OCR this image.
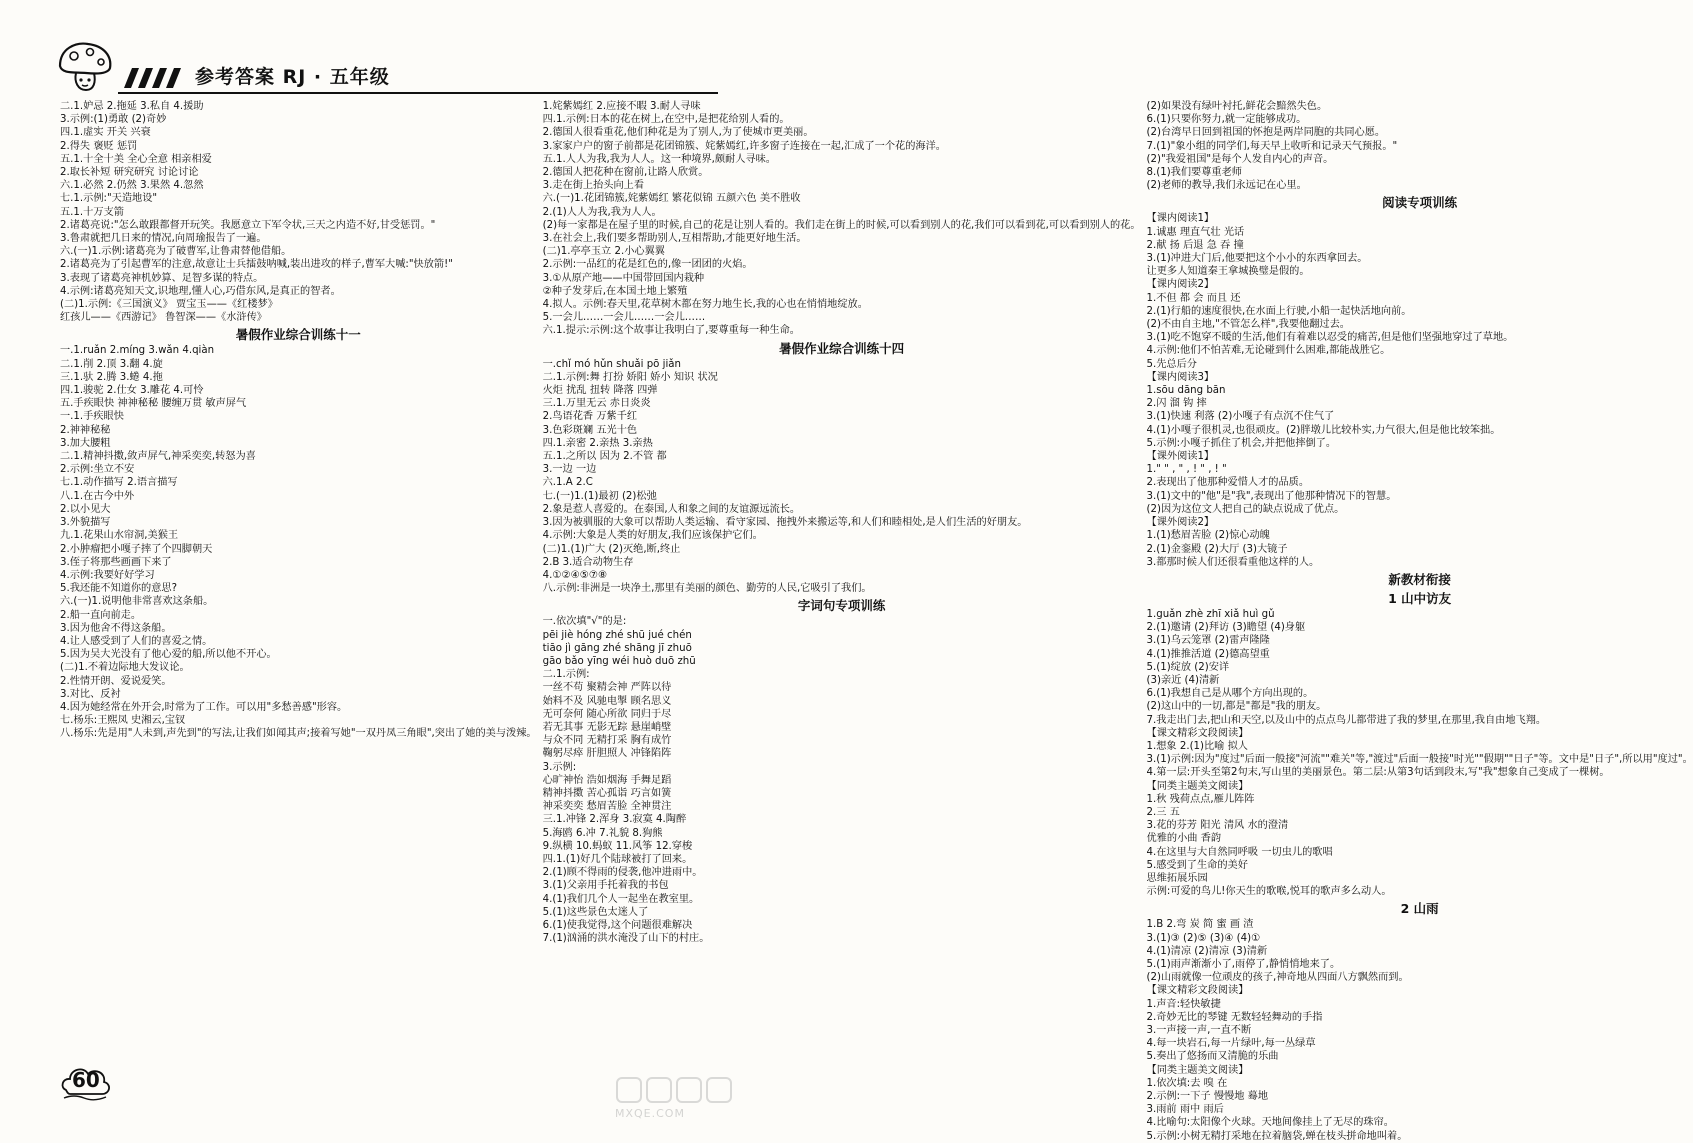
参考答案 RJ · 五年级
二.1.妒忌 2.拖延 3.私自 4.援助
3.示例:(1)勇敢 (2)奇妙
四.1.虚实 开关 兴衰
2.得失 褒贬 惩罚
五.1.十全十美 全心全意 相亲相爱
2.取长补短 研究研究 讨论讨论
六.1.必然 2.仍然 3.果然 4.忽然
七.1.示例:"天造地设"
五.1.十万支箭
2.诸葛亮说:"怎么敢跟都督开玩笑。我愿意立下军令状,三天之内造不好,甘受惩罚。"
3.鲁肃就把几日来的情况,向周瑜报告了一遍。
六.(一)1.示例:诸葛亮为了破曹军,让鲁肃替他借船。
2.诸葛亮为了引起曹军的注意,故意让士兵擂鼓呐喊,装出进攻的样子,曹军大喊:"快放箭!"
3.表现了诸葛亮神机妙算、足智多谋的特点。
4.示例:诸葛亮知天文,识地理,懂人心,巧借东风,是真正的智者。
(二)1.示例:《三国演义》 贾宝玉——《红楼梦》
红孩儿——《西游记》 鲁智深——《水浒传》
暑假作业综合训练十一
一.1.ruǎn 2.míng 3.wǎn 4.qiàn
二.1.削 2.顶 3.翻 4.旋
三.1.驮 2.腾 3.蜷 4.拖
四.1.骏驼 2.仕女 3.雕花 4.可怜
五.手疾眼快 神神秘秘 腰缠万贯 敏声屏气
一.1.手疾眼快
2.神神秘秘
3.加大腰粗
二.1.精神抖擞,敛声屏气,神采奕奕,转怒为喜
2.示例:坐立不安
七.1.动作描写 2.语言描写
八.1.在古今中外
2.以小见大
3.外貌描写
九.1.花果山水帘洞,美猴王
2.小肿瘤把小嘎子摔了个四脚朝天
3.侄子将那些画画下来了
4.示例:我要好好学习
5.我还能不知道你的意思?
六.(一)1.说明他非常喜欢这条船。
2.船一直向前走。
3.因为他舍不得这条船。
4.让人感受到了人们的喜爱之情。
5.因为吴大光没有了他心爱的船,所以他不开心。
(二)1.不着边际地大发议论。
2.性情开朗、爱说爱笑。
3.对比、反衬
4.因为她经常在外开会,时常为了工作。可以用"多愁善感"形容。
七.杨乐:王熙凤 史湘云,宝钗
八.杨乐:先是用"人未到,声先到"的写法,让我们如闻其声;接着写她"一双丹凤三角眼",突出了她的美与泼辣。
1.姹紫嫣红 2.应接不暇 3.耐人寻味
四.1.示例:日本的花在树上,在空中,是把花给别人看的。
2.德国人很看重花,他们种花是为了别人,为了使城市更美丽。
3.家家户户的窗子前都是花团锦簇、姹紫嫣红,许多窗子连接在一起,汇成了一个花的海洋。
五.1.人人为我,我为人人。这一种境界,颇耐人寻味。
2.德国人把花种在窗前,让路人欣赏。
3.走在街上抬头向上看
六.(一)1.花团锦簇,姹紫嫣红 繁花似锦 五颜六色 美不胜收
2.(1)人人为我,我为人人。
(2)每一家都是在屋子里的时候,自己的花是让别人看的。我们走在街上的时候,可以看到别人的花,我们可以看到花,可以看到别人的花。
3.在社会上,我们要多帮助别人,互相帮助,才能更好地生活。
(二)1.亭亭玉立 2.小心翼翼
2.示例:一品红的花是红色的,像一团团的火焰。
3.①从原产地——中国带回国内栽种
②种子发芽后,在本国土地上繁殖
4.拟人。示例:春天里,花草树木都在努力地生长,我的心也在悄悄地绽放。
5.一会儿……一会儿……一会儿……
六.1.提示:示例:这个故事让我明白了,要尊重每一种生命。
暑假作业综合训练十四
一.chǐ mó hǔn shuǎi pō jiǎn
二.1.示例:舞 打扮 娇阳 娇小 知识 状况
火炬 扰乱 扭转 降落 四弹
三.1.万里无云 赤日炎炎
2.鸟语花香 万紫千红
3.色彩斑斓 五光十色
四.1.亲密 2.亲热 3.亲热
五.1.之所以 因为 2.不管 都
3.一边 一边
六.1.A 2.C
七.(一)1.(1)最初 (2)松弛
2.象是惹人喜爱的。在泰国,人和象之间的友谊源远流长。
3.因为被驯服的大象可以帮助人类运输、看守家园、拖拽外来搬运等,和人们和睦相处,是人们生活的好朋友。
4.示例:大象是人类的好朋友,我们应该保护它们。
(二)1.(1)广大 (2)灭绝,断,终止
2.B 3.适合动物生存
4.①②④⑤⑦⑧
八.示例:非洲是一块净土,那里有美丽的颜色、勤劳的人民,它吸引了我们。
字词句专项训练
一.依次填"√"的是:
pēi jiè hóng zhé shū jué chén
tiāo jì gāng zhé shāng jī zhuō
gāo bǎo yīng wéi huò duō zhū
二.1.示例:
一丝不苟 聚精会神 严阵以待
始料不及 风驰电掣 顾名思义
无可奈何 随心所欲 同归于尽
若无其事 无影无踪 悬崖峭壁
与众不同 无精打采 胸有成竹
鞠躬尽瘁 肝胆照人 冲锋陷阵
3.示例:
心旷神怡 浩如烟海 手舞足蹈
精神抖擞 苦心孤诣 巧言如簧
神采奕奕 愁眉苦脸 全神贯注
三.1.冲锋 2.浑身 3.寂寞 4.陶醉
5.海鸥 6.冲 7.礼貌 8.狗熊
9.纵横 10.蚂蚁 11.风筝 12.穿梭
四.1.(1)好几个陆球被打了回来。
2.(1)顾不得雨的侵袭,他冲进雨中。
3.(1)父亲用手托着我的书包
4.(1)我们几个人一起坐在教室里。
5.(1)这些景色太迷人了
6.(1)使我觉得,这个问题很难解决
7.(1)汹涌的洪水淹没了山下的村庄。
(2)如果没有绿叶衬托,鲜花会黯然失色。
6.(1)只要你努力,就一定能够成功。
(2)台湾早日回到祖国的怀抱是两岸同胞的共同心愿。
7.(1)"象小组的同学们,每天早上收听和记录天气预报。"
(2)"我爱祖国"是每个人发自内心的声音。
8.(1)我们要尊重老师
(2)老师的教导,我们永远记在心里。
阅读专项训练
【课内阅读1】
1.诚惠 理直气壮 光话
2.献 扬 后退 急 吞 撞
3.(1)冲进大门后,他要把这个小小的东西拿回去。
让更多人知道秦王拿城换璧是假的。
【课内阅读2】
1.不但 都 会 而且 还
2.(1)行船的速度很快,在水面上行驶,小船一起快活地向前。
(2)不由自主地,"不管怎么样",我要他翻过去。
3.(1)吃不饱穿不暖的生活,他们有着难以忍受的痛苦,但是他们坚强地穿过了草地。
4.示例:他们不怕苦难,无论碰到什么困难,都能战胜它。
5.先总后分
【课内阅读3】
1.sōu dāng bān
2.闪 溜 钩 摔
3.(1)快速 利落 (2)小嘎子有点沉不住气了
4.(1)小嘎子很机灵,也很顽皮。(2)胖墩儿比较朴实,力气很大,但是他比较笨拙。
5.示例:小嘎子抓住了机会,并把他摔倒了。
【课外阅读1】
1." " , " , ! " , ! "
2.表现出了他那种爱惜人才的品质。
3.(1)文中的"他"是"我",表现出了他那种情况下的智慧。
(2)因为这位文人把自己的缺点说成了优点。
【课外阅读2】
1.(1)愁眉苦脸 (2)惊心动魄
2.(1)金銮殿 (2)大厅 (3)大镜子
3.都那时候人们还很看重他这样的人。
新教材衔接
1 山中访友
1.guǎn zhè zhī xiǎ huì gǔ
2.(1)邀请 (2)拜访 (3)瞻望 (4)身躯
3.(1)乌云笼罩 (2)雷声隆隆
4.(1)推推活道 (2)德高望重
5.(1)绽放 (2)安详
(3)亲近 (4)清新
6.(1)我想自己是从哪个方向出现的。
(2)这山中的一切,都是"都是"我的朋友。
7.我走出门去,把山和天空,以及山中的点点鸟儿都带进了我的梦里,在那里,我自由地飞翔。
【课文精彩文段阅读】
1.想象 2.(1)比喻 拟人
3.(1)示例:因为"度过"后面一般接"河流""难关"等,"渡过"后面一般接"时光""假期""日子"等。文中是"日子",所以用"度过"。
4.第一层:开头至第2句末,写山里的美丽景色。第二层:从第3句话到段末,写"我"想象自己变成了一棵树。
【同类主题美文阅读】
1.秋 残荷点点,雁儿阵阵
2.三 五
3.花的芬芳 阳光 清风 水的澄清
优雅的小曲 香韵
4.在这里与大自然同呼吸 一切虫儿的歌唱
5.感受到了生命的美好
思维拓展乐园
示例:可爱的鸟儿!你天生的歌喉,悦耳的歌声多么动人。
2 山雨
1.B 2.弯 炭 简 蜜 画 渣
3.(1)③ (2)⑤ (3)④ (4)①
4.(1)清凉 (2)清凉 (3)清新
5.(1)雨声渐渐小了,雨停了,静悄悄地来了。
(2)山雨就像一位顽皮的孩子,神奇地从四面八方飘然而到。
【课文精彩文段阅读】
1.声音:轻快敏捷
2.奇妙无比的琴键 无数轻轻舞动的手指
3.一声接一声,一直不断
4.每一块岩石,每一片绿叶,每一丛绿草
5.奏出了悠扬而又清脆的乐曲
【同类主题美文阅读】
1.依次填:去 嗅 在
2.示例:一下子 慢慢地 蓦地
3.雨前 雨中 雨后
4.比喻句:太阳像个火球。天地间像挂上了无尽的珠帘。
5.示例:小树无精打采地在拉着脑袋,蝉在枝头拼命地叫着。
60
MXQE.COM
